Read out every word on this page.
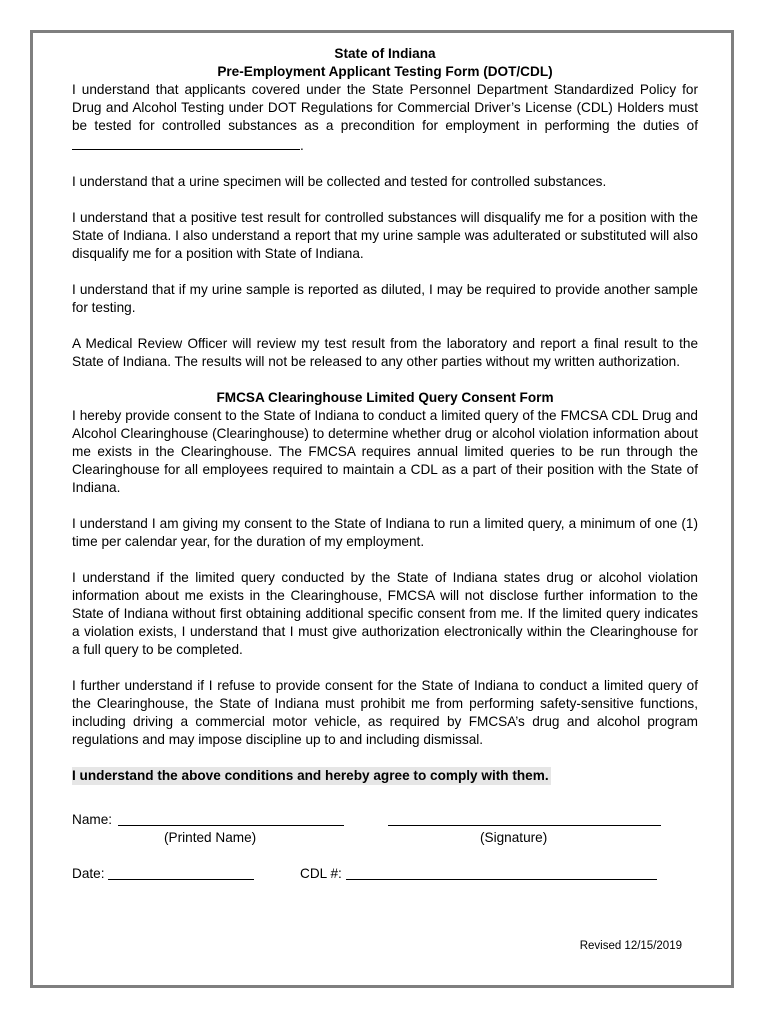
State of Indiana
Pre-Employment Applicant Testing Form (DOT/CDL)

I understand that applicants covered under the State Personnel Department Standardized Policy for Drug and Alcohol Testing under DOT Regulations for Commercial Driver’s License (CDL) Holders must be tested for controlled substances as a precondition for employment in performing the duties of .

I understand that a urine specimen will be collected and tested for controlled substances.

I understand that a positive test result for controlled substances will disqualify me for a position with the State of Indiana. I also understand a report that my urine sample was adulterated or substituted will also disqualify me for a position with State of Indiana.

I understand that if my urine sample is reported as diluted, I may be required to provide another sample for testing.

A Medical Review Officer will review my test result from the laboratory and report a final result to the State of Indiana. The results will not be released to any other parties without my written authorization.

FMCSA Clearinghouse Limited Query Consent Form

I hereby provide consent to the State of Indiana to conduct a limited query of the FMCSA CDL Drug and Alcohol Clearinghouse (Clearinghouse) to determine whether drug or alcohol violation information about me exists in the Clearinghouse. The FMCSA requires annual limited queries to be run through the Clearinghouse for all employees required to maintain a CDL as a part of their position with the State of Indiana.

I understand I am giving my consent to the State of Indiana to run a limited query, a minimum of one (1) time per calendar year, for the duration of my employment.

I understand if the limited query conducted by the State of Indiana states drug or alcohol violation information about me exists in the Clearinghouse, FMCSA will not disclose further information to the State of Indiana without first obtaining additional specific consent from me. If the limited query indicates a violation exists, I understand that I must give authorization electronically within the Clearinghouse for a full query to be completed.

I further understand if I refuse to provide consent for the State of Indiana to conduct a limited query of the Clearinghouse, the State of Indiana must prohibit me from performing safety-sensitive functions, including driving a commercial motor vehicle, as required by FMCSA’s drug and alcohol program regulations and may impose discipline up to and including dismissal.

I understand the above conditions and hereby agree to comply with them.
Name:
(Printed Name)	(Signature)
Date:	CDL #:
Revised 12/15/2019
